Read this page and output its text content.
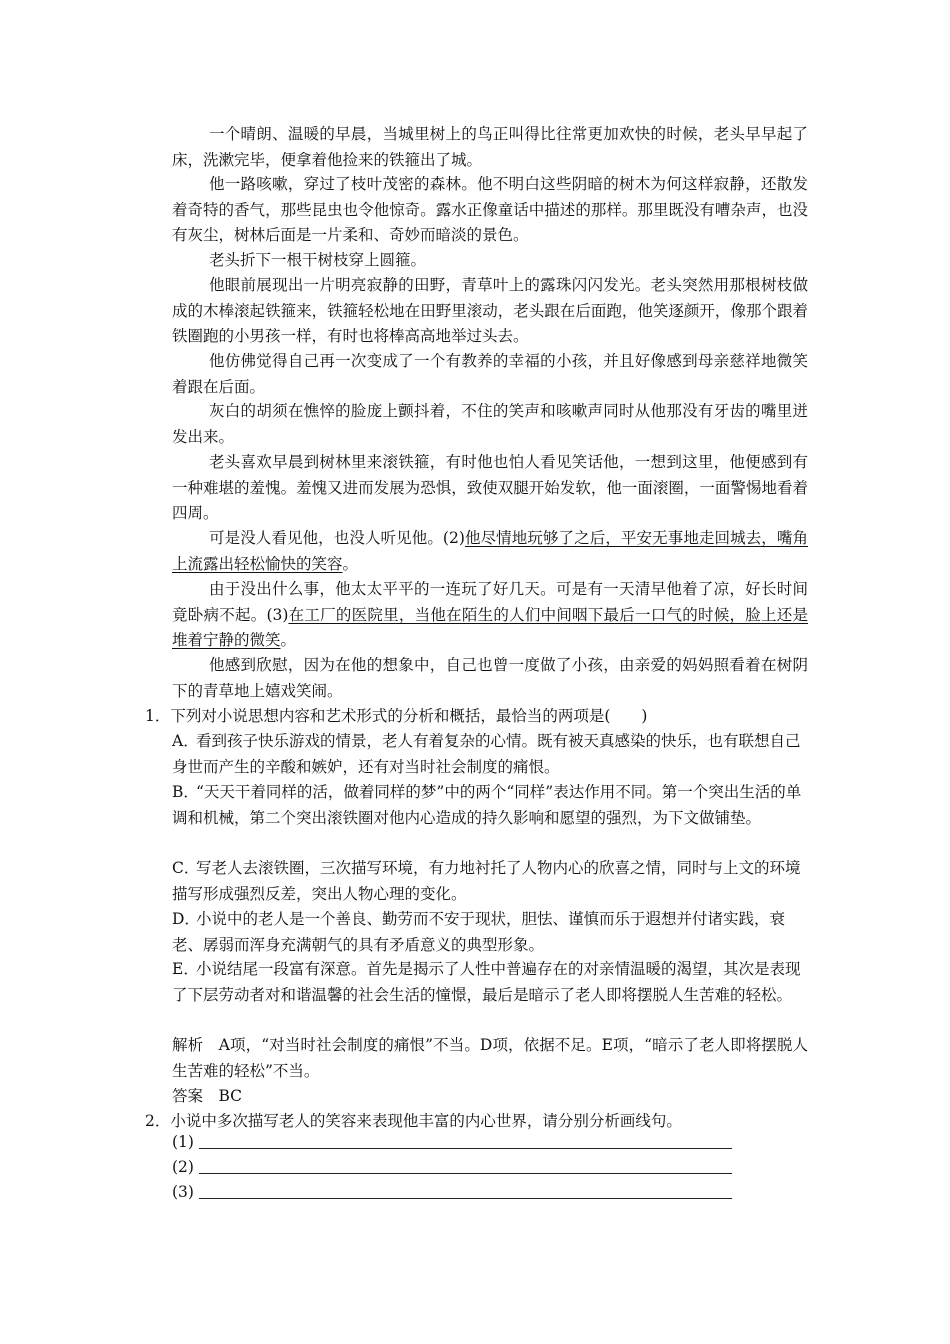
一个晴朗、温暖的早晨，当城里树上的鸟正叫得比往常更加欢快的时候，老头早早起了床，洗漱完毕，便拿着他捡来的铁箍出了城。
他一路咳嗽，穿过了枝叶茂密的森林。他不明白这些阴暗的树木为何这样寂静，还散发着奇特的香气，那些昆虫也令他惊奇。露水正像童话中描述的那样。那里既没有嘈杂声，也没有灰尘，树林后面是一片柔和、奇妙而暗淡的景色。
老头折下一根干树枝穿上圆箍。
他眼前展现出一片明亮寂静的田野，青草叶上的露珠闪闪发光。老头突然用那根树枝做成的木棒滚起铁箍来，铁箍轻松地在田野里滚动，老头跟在后面跑，他笑逐颜开，像那个跟着铁圈跑的小男孩一样，有时也将棒高高地举过头去。
他仿佛觉得自己再一次变成了一个有教养的幸福的小孩，并且好像感到母亲慈祥地微笑着跟在后面。
灰白的胡须在憔悴的脸庞上颤抖着，不住的笑声和咳嗽声同时从他那没有牙齿的嘴里迸发出来。
老头喜欢早晨到树林里来滚铁箍，有时他也怕人看见笑话他，一想到这里，他便感到有一种难堪的羞愧。羞愧又进而发展为恐惧，致使双腿开始发软，他一面滚圈，一面警惕地看着四周。
可是没人看见他，也没人听见他。(2)他尽情地玩够了之后，平安无事地走回城去，嘴角上流露出轻松愉快的笑容。
由于没出什么事，他太太平平的一连玩了好几天。可是有一天清早他着了凉，好长时间竟卧病不起。(3)在工厂的医院里，当他在陌生的人们中间咽下最后一口气的时候，脸上还是堆着宁静的微笑。
他感到欣慰，因为在他的想象中，自己也曾一度做了小孩，由亲爱的妈妈照看着在树阴下的青草地上嬉戏笑闹。
1．下列对小说思想内容和艺术形式的分析和概括，最恰当的两项是(　　)
A．看到孩子快乐游戏的情景，老人有着复杂的心情。既有被天真感染的快乐，也有联想自己身世而产生的辛酸和嫉妒，还有对当时社会制度的痛恨。
B．“天天干着同样的活，做着同样的梦”中的两个“同样”表达作用不同。第一个突出生活的单调和机械，第二个突出滚铁圈对他内心造成的持久影响和愿望的强烈，为下文做铺垫。
C．写老人去滚铁圈，三次描写环境，有力地衬托了人物内心的欣喜之情，同时与上文的环境描写形成强烈反差，突出人物心理的变化。
D．小说中的老人是一个善良、勤劳而不安于现状，胆怯、谨慎而乐于遐想并付诸实践，衰老、孱弱而浑身充满朝气的具有矛盾意义的典型形象。
E．小说结尾一段富有深意。首先是揭示了人性中普遍存在的对亲情温暖的渴望，其次是表现了下层劳动者对和谐温馨的社会生活的憧憬，最后是暗示了老人即将摆脱人生苦难的轻松。
解析　A项，“对当时社会制度的痛恨”不当。D项，依据不足。E项，“暗示了老人即将摆脱人生苦难的轻松”不当。
答案　BC
2．小说中多次描写老人的笑容来表现他丰富的内心世界，请分别分析画线句。
(1)
(2)
(3)
